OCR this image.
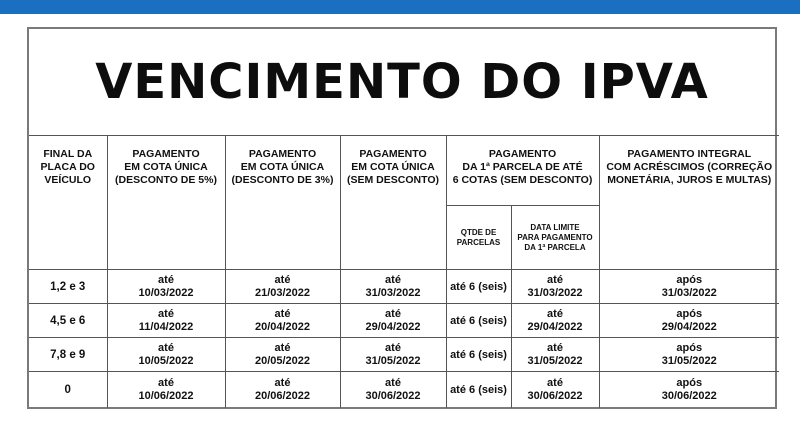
VENCIMENTO DO IPVA
FINAL DA
PLACA DO
VEÍCULO	PAGAMENTO
EM COTA ÚNICA
(DESCONTO DE 5%)	PAGAMENTO
EM COTA ÚNICA
(DESCONTO DE 3%)	PAGAMENTO
EM COTA ÚNICA
(SEM DESCONTO)	PAGAMENTO
DA 1ª PARCELA DE ATÉ
6 COTAS (SEM DESCONTO)		PAGAMENTO INTEGRAL
COM ACRÉSCIMOS (CORREÇÃO
MONETÁRIA, JUROS E MULTAS)

				QTDE DE
PARCELAS	DATA LIMITE
PARA PAGAMENTO
DA 1ª PARCELA	

1,2 e 3	até
10/03/2022	até
21/03/2022	até
31/03/2022	até 6 (seis)	até
31/03/2022	após
31/03/2022

4,5 e 6	até
11/04/2022	até
20/04/2022	até
29/04/2022	até 6 (seis)	até
29/04/2022	após
29/04/2022

7,8 e 9	até
10/05/2022	até
20/05/2022	até
31/05/2022	até 6 (seis)	até
31/05/2022	após
31/05/2022

0	até
10/06/2022	até
20/06/2022	até
30/06/2022	até 6 (seis)	até
30/06/2022	após
30/06/2022
